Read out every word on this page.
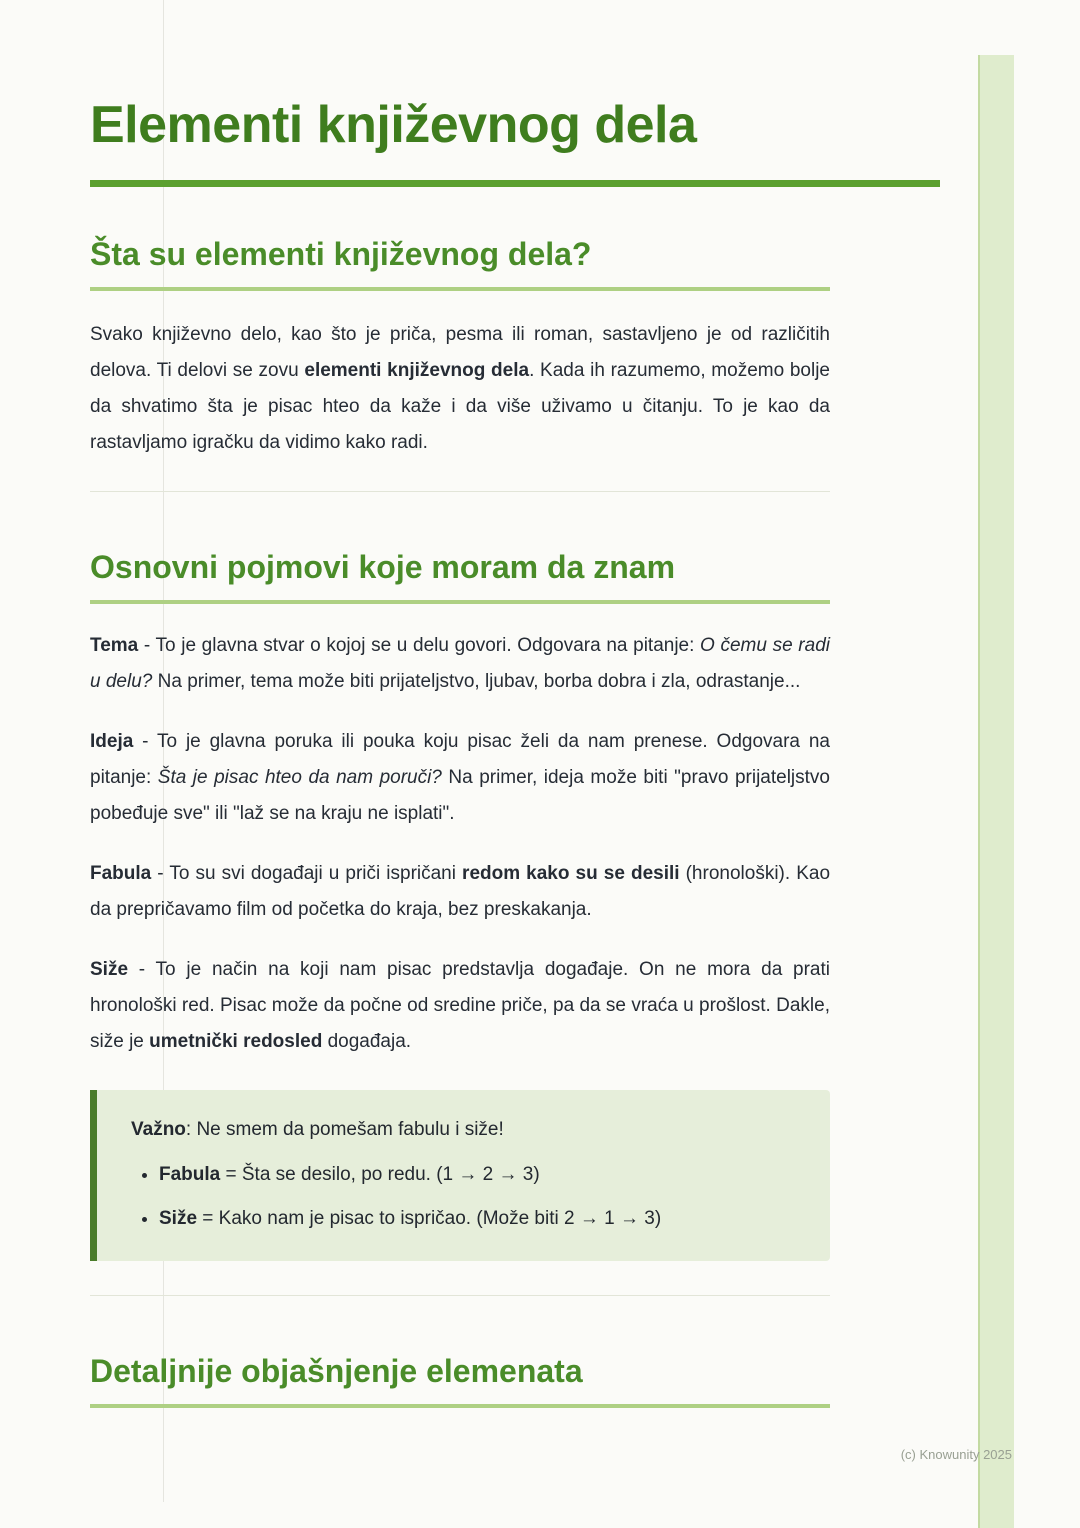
Elementi književnog dela
Šta su elementi književnog dela?

Svako književno delo, kao što je priča, pesma ili roman, sastavljeno je od različitih delova. Ti delovi se zovu elementi književnog dela. Kada ih razumemo, možemo bolje da shvatimo šta je pisac hteo da kaže i da više uživamo u čitanju. To je kao da rastavljamo igračku da vidimo kako radi.

Osnovni pojmovi koje moram da znam

Tema - To je glavna stvar o kojoj se u delu govori. Odgovara na pitanje: O čemu se radi u delu? Na primer, tema može biti prijateljstvo, ljubav, borba dobra i zla, odrastanje...

Ideja - To je glavna poruka ili pouka koju pisac želi da nam prenese. Odgovara na pitanje: Šta je pisac hteo da nam poruči? Na primer, ideja može biti "pravo prijateljstvo pobeđuje sve" ili "laž se na kraju ne isplati".

Fabula - To su svi događaji u priči ispričani redom kako su se desili (hronološki). Kao da prepričavamo film od početka do kraja, bez preskakanja.

Siže - To je način na koji nam pisac predstavlja događaje. On ne mora da prati hronološki red. Pisac može da počne od sredine priče, pa da se vraća u prošlost. Dakle, siže je umetnički redosled događaja.

Važno: Ne smem da pomešam fabulu i siže!

• Fabula = Šta se desilo, po redu. (1 → 2 → 3)
• Siže = Kako nam je pisac to ispričao. (Može biti 2 → 1 → 3)
Detaljnije objašnjenje elemenata
(c) Knowunity 2025
